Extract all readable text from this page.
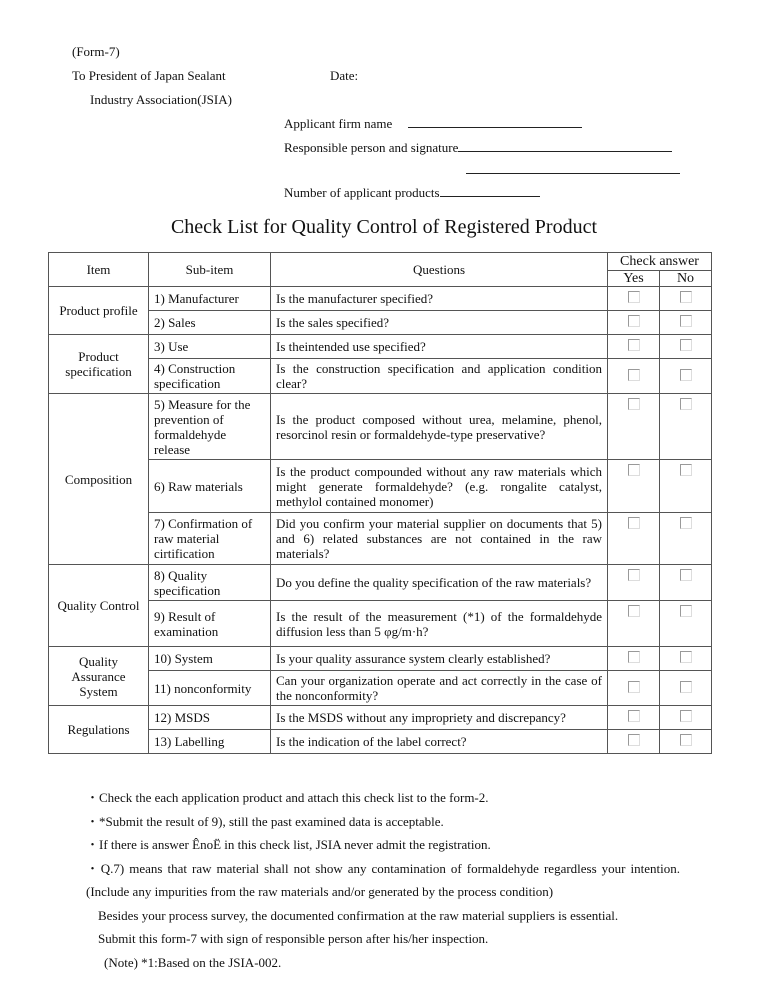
(Form-7)
To President of Japan Sealant	Date:
Industry Association(JSIA)
Applicant firm name
Responsible person and signature
Number of applicant products
Check List for Quality Control of Registered Product
Item	Sub-item	Questions	Check answer	
			Yes	No
Product profile	1) Manufacturer	Is the manufacturer specified?		
	2) Sales	Is the sales specified?		
Product specification	3) Use	Is theintended use specified?		
	4) Construction specification	Is the construction specification and application condition clear?		
Composition	5) Measure for the prevention of formaldehyde release	Is the product composed without urea, melamine, phenol, resorcinol resin or formaldehyde-type preservative?		
	6) Raw materials	Is the product compounded without any raw materials which might generate formaldehyde? (e.g. rongalite catalyst, methylol contained monomer)		
	7) Confirmation of raw material cirtification	Did you confirm your material supplier on documents that 5) and 6) related substances are not contained in the raw materials?		
Quality Control	8) Quality specification	Do you define the quality specification of the raw materials?		
	9) Result of examination	Is the result of the measurement (*1) of the formaldehyde diffusion less than 5 φg/m·h?		
Quality Assurance System	10) System	Is your quality assurance system clearly established?		
	11) nonconformity	Can your organization operate and act correctly in the case of the nonconformity?		
Regulations	12) MSDS	Is the MSDS without any impropriety and discrepancy?		
	13) Labelling	Is the indication of the label correct?		

・Check the each application product and attach this check list to the form-2.

・*Submit the result of 9), still the past examined data is acceptable.

・If there is answer ÊnoË in this check list, JSIA never admit the registration.

・Q.7) means that raw material shall not show any contamination of formaldehyde regardless your intention. (Include any impurities from the raw materials and/or generated by the process condition)

Besides your process survey, the documented confirmation at the raw material suppliers is essential.

Submit this form-7 with sign of responsible person after his/her inspection.

(Note) *1:Based on the JSIA-002.
